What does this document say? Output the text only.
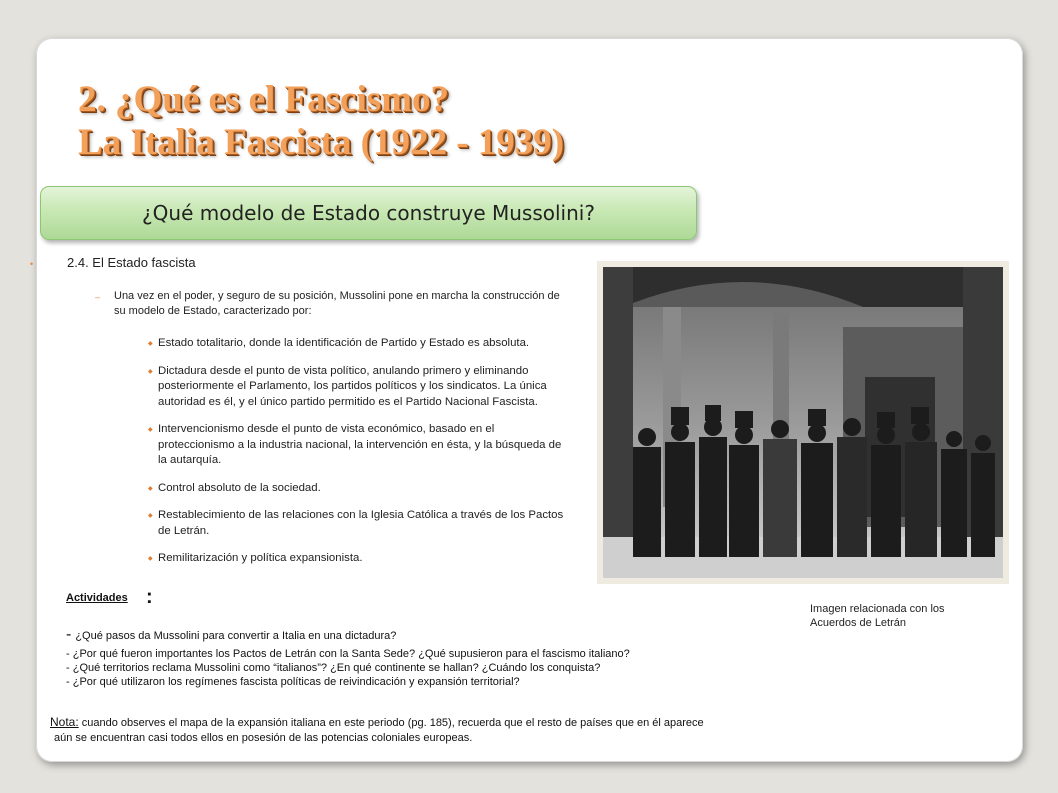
2. ¿Qué es el Fascismo?
La Italia Fascista (1922 - 1939)
¿Qué modelo de Estado construye Mussolini?
•	2.4. El Estado fascista
– Una vez en el poder, y seguro de su posición, Mussolini pone en marcha la construcción de su modelo de Estado, caracterizado por:
◆ Estado totalitario, donde la identificación de Partido y Estado es absoluta.
◆ Dictadura desde el punto de vista político, anulando primero y eliminando posteriormente el Parlamento, los partidos políticos y los sindicatos. La única autoridad es él, y el único partido permitido es el Partido Nacional Fascista.
◆ Intervencionismo desde el punto de vista económico, basado en el proteccionismo a la industria nacional, la intervención en ésta, y la búsqueda de la autarquía.
◆ Control absoluto de la sociedad.
◆ Restablecimiento de las relaciones con la Iglesia Católica a través de los Pactos de Letrán.
◆ Remilitarización y política expansionista.
Imagen relacionada con los Acuerdos de Letrán
Actividades :
- ¿Qué pasos da Mussolini para convertir a Italia en una dictadura?
- ¿Por qué fueron importantes los Pactos de Letrán con la Santa Sede? ¿Qué supusieron para el fascismo italiano?
- ¿Qué territorios reclama Mussolini como “italianos”? ¿En qué continente se hallan? ¿Cuándo los conquista?
- ¿Por qué utilizaron los regímenes fascista políticas de reivindicación y expansión territorial?
Nota: cuando observes el mapa de la expansión italiana en este periodo (pg. 185), recuerda que el resto de países que en él aparece
aún se encuentran casi todos ellos en posesión de las potencias coloniales europeas.
